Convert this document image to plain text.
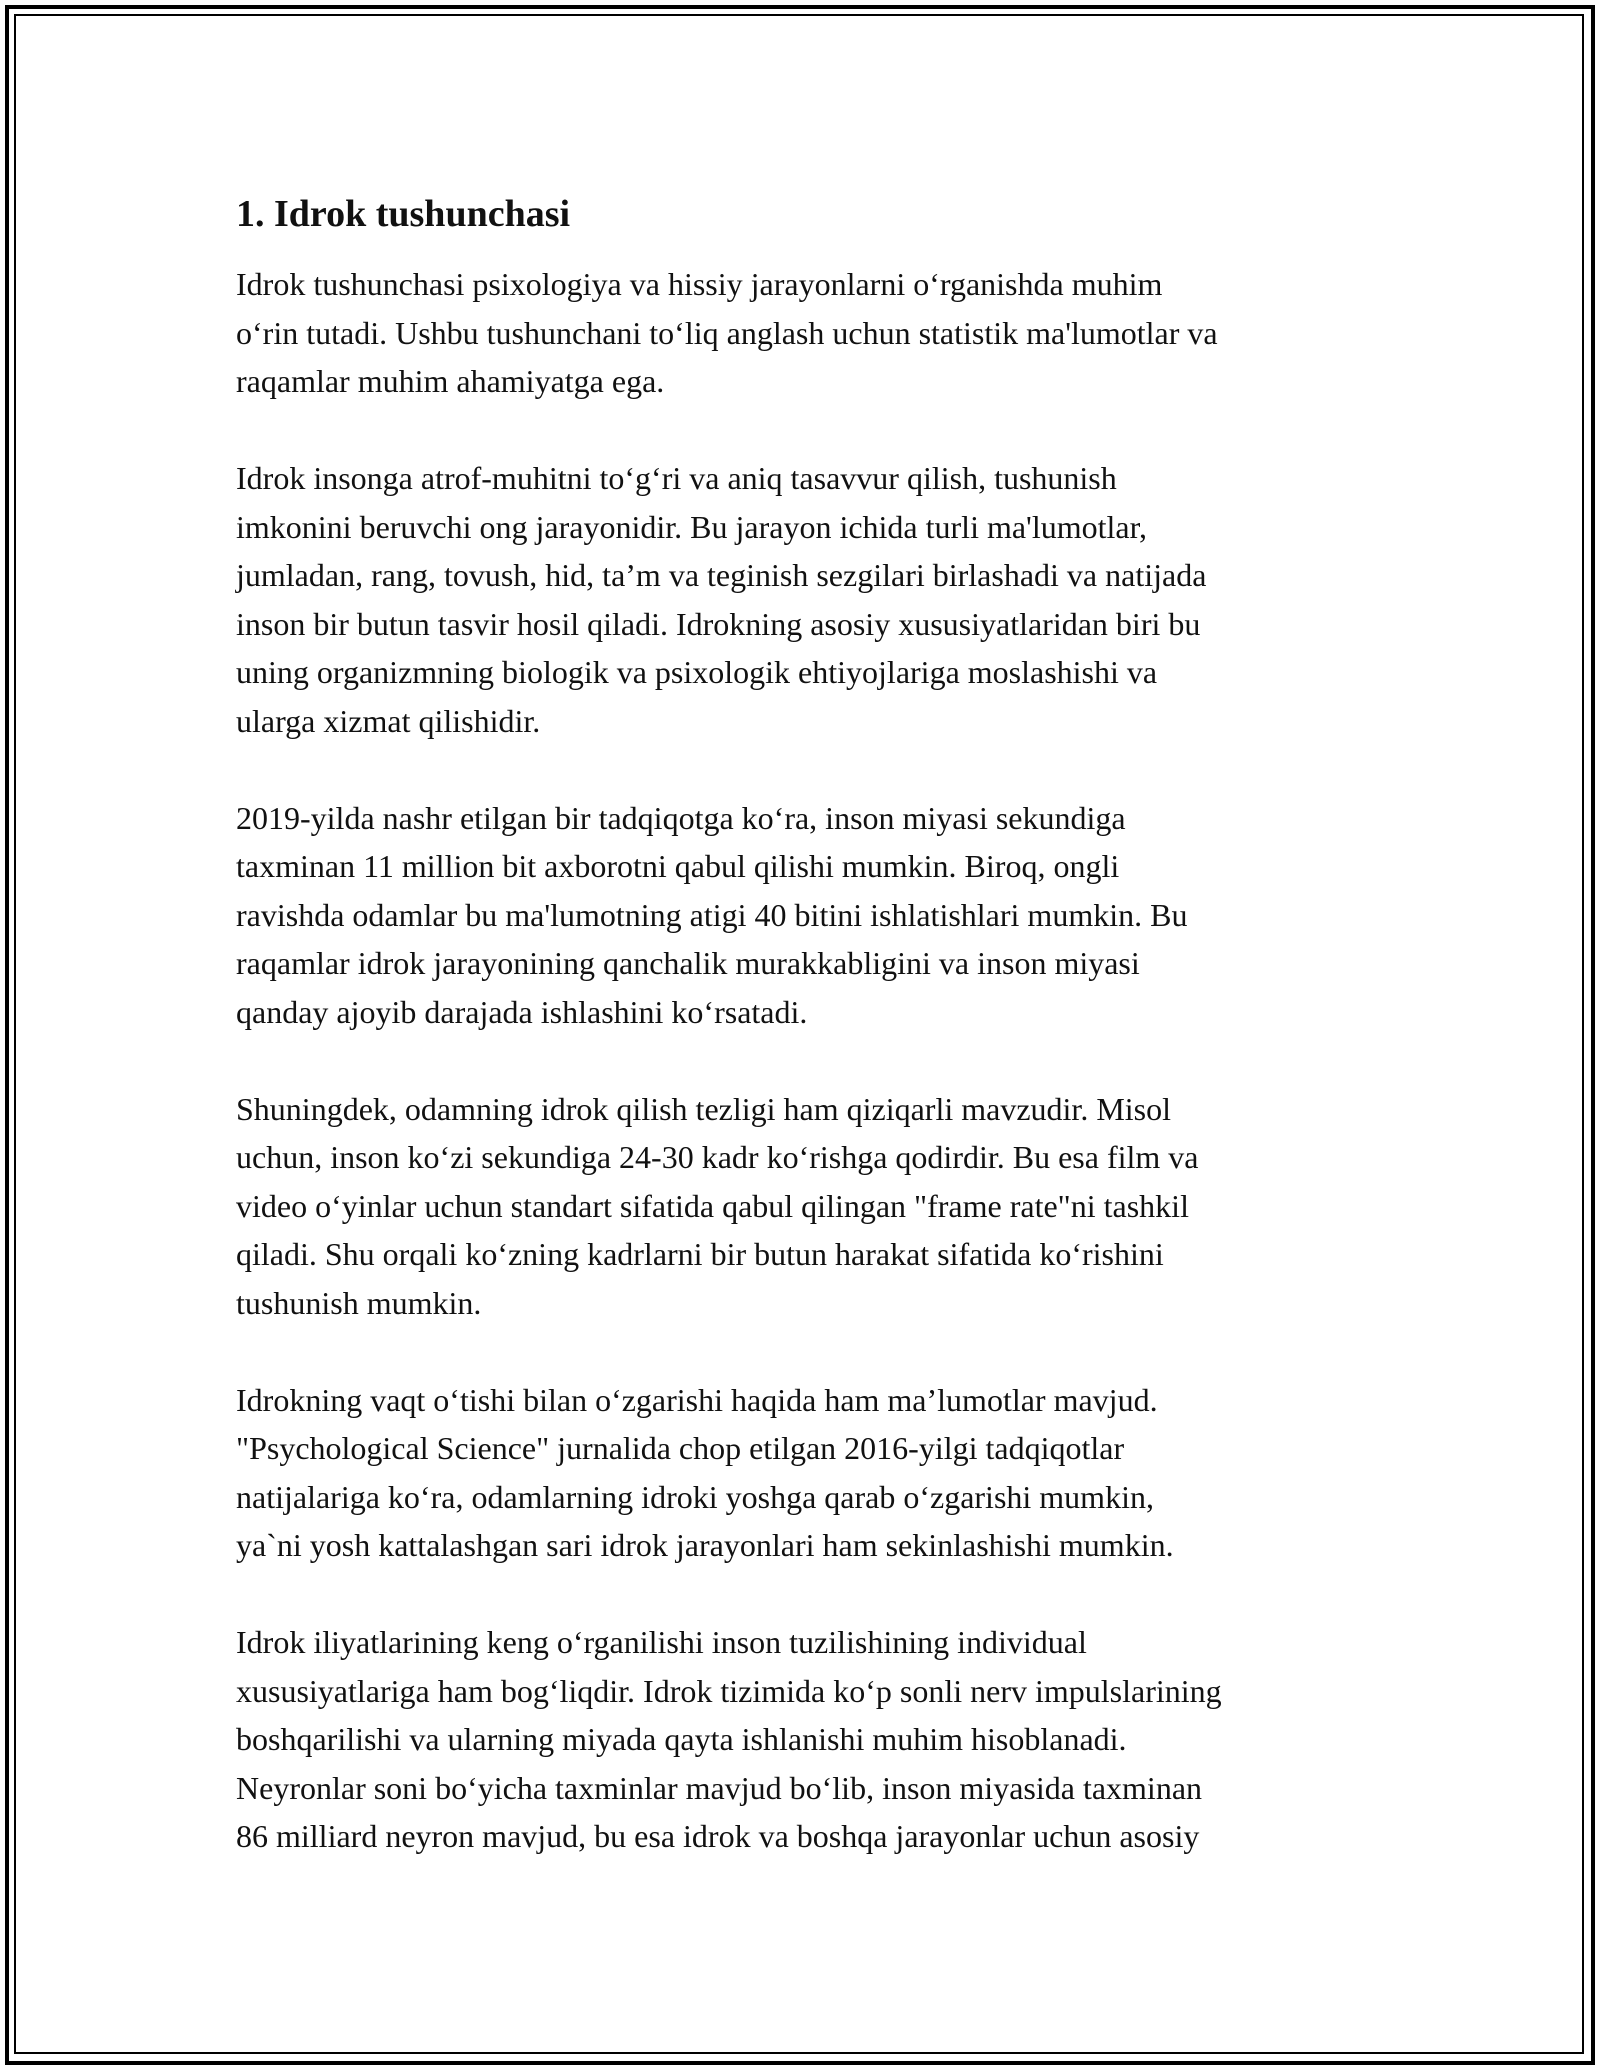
1. Idrok tushunchasi

Idrok tushunchasi psixologiya va hissiy jarayonlarni oʻrganishda muhim
oʻrin tutadi. Ushbu tushunchani toʻliq anglash uchun statistik ma'lumotlar va
raqamlar muhim ahamiyatga ega.

Idrok insonga atrof-muhitni toʻgʻri va aniq tasavvur qilish, tushunish
imkonini beruvchi ong jarayonidir. Bu jarayon ichida turli ma'lumotlar,
jumladan, rang, tovush, hid, taʼm va teginish sezgilari birlashadi va natijada
inson bir butun tasvir hosil qiladi. Idrokning asosiy xususiyatlaridan biri bu
uning organizmning biologik va psixologik ehtiyojlariga moslashishi va
ularga xizmat qilishidir.

2019-yilda nashr etilgan bir tadqiqotga koʻra, inson miyasi sekundiga
taxminan 11 million bit axborotni qabul qilishi mumkin. Biroq, ongli
ravishda odamlar bu ma'lumotning atigi 40 bitini ishlatishlari mumkin. Bu
raqamlar idrok jarayonining qanchalik murakkabligini va inson miyasi
qanday ajoyib darajada ishlashini koʻrsatadi.

Shuningdek, odamning idrok qilish tezligi ham qiziqarli mavzudir. Misol
uchun, inson koʻzi sekundiga 24-30 kadr koʻrishga qodirdir. Bu esa film va
video oʻyinlar uchun standart sifatida qabul qilingan "frame rate"ni tashkil
qiladi. Shu orqali koʻzning kadrlarni bir butun harakat sifatida koʻrishini
tushunish mumkin.

Idrokning vaqt oʻtishi bilan oʻzgarishi haqida ham maʼlumotlar mavjud.
"Psychological Science" jurnalida chop etilgan 2016-yilgi tadqiqotlar
natijalariga koʻra, odamlarning idroki yoshga qarab oʻzgarishi mumkin,
ya`ni yosh kattalashgan sari idrok jarayonlari ham sekinlashishi mumkin.

Idrok iliyatlarining keng oʻrganilishi inson tuzilishining individual
xususiyatlariga ham bogʻliqdir. Idrok tizimida koʻp sonli nerv impulslarining
boshqarilishi va ularning miyada qayta ishlanishi muhim hisoblanadi.
Neyronlar soni boʻyicha taxminlar mavjud boʻlib, inson miyasida taxminan
86 milliard neyron mavjud, bu esa idrok va boshqa jarayonlar uchun asosiy
